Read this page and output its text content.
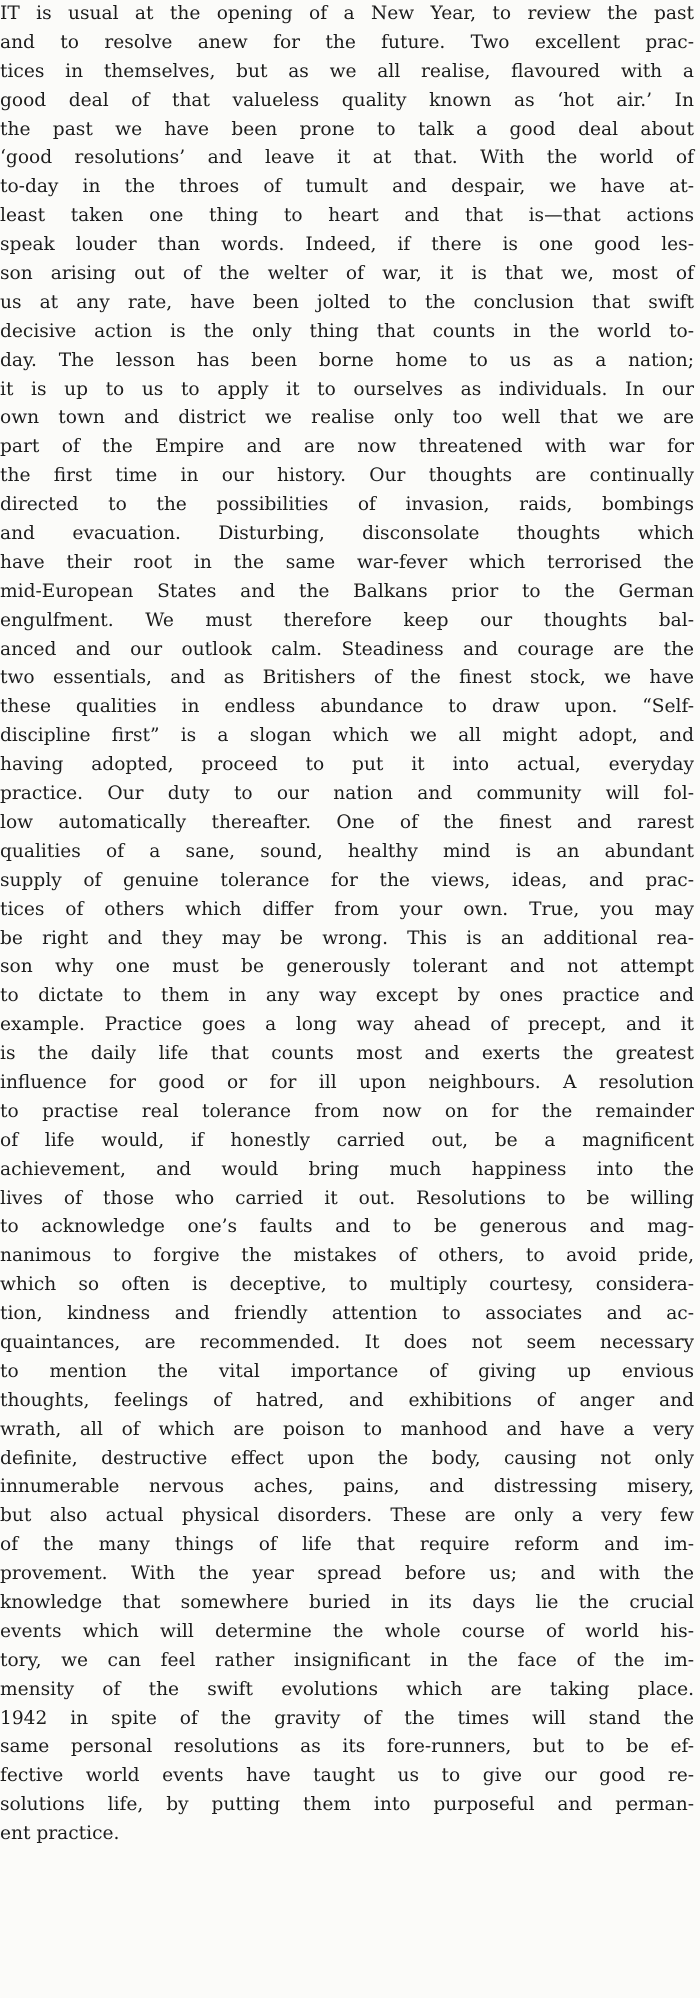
IT is usual at the opening of a New Year, to review the past
and to resolve anew for the future. Two excellent prac-
tices in themselves, but as we all realise, flavoured with a
good deal of that valueless quality known as ‘hot air.’ In
the past we have been prone to talk a good deal about
‘good resolutions’ and leave it at that. With the world of
to-day in the throes of tumult and despair, we have at-
least taken one thing to heart and that is—that actions
speak louder than words. Indeed, if there is one good les-
son arising out of the welter of war, it is that we, most of
us at any rate, have been jolted to the conclusion that swift
decisive action is the only thing that counts in the world to-
day. The lesson has been borne home to us as a nation;
it is up to us to apply it to ourselves as individuals. In our
own town and district we realise only too well that we are
part of the Empire and are now threatened with war for
the first time in our history. Our thoughts are continually
directed to the possibilities of invasion, raids, bombings
and evacuation. Disturbing, disconsolate thoughts which
have their root in the same war-fever which terrorised the
mid-European States and the Balkans prior to the German
engulfment. We must therefore keep our thoughts bal-
anced and our outlook calm. Steadiness and courage are the
two essentials, and as Britishers of the finest stock, we have
these qualities in endless abundance to draw upon. “Self-
discipline first” is a slogan which we all might adopt, and
having adopted, proceed to put it into actual, everyday
practice. Our duty to our nation and community will fol-
low automatically thereafter. One of the finest and rarest
qualities of a sane, sound, healthy mind is an abundant
supply of genuine tolerance for the views, ideas, and prac-
tices of others which differ from your own. True, you may
be right and they may be wrong. This is an additional rea-
son why one must be generously tolerant and not attempt
to dictate to them in any way except by ones practice and
example. Practice goes a long way ahead of precept, and it
is the daily life that counts most and exerts the greatest
influence for good or for ill upon neighbours. A resolution
to practise real tolerance from now on for the remainder
of life would, if honestly carried out, be a magnificent
achievement, and would bring much happiness into the
lives of those who carried it out. Resolutions to be willing
to acknowledge one’s faults and to be generous and mag-
nanimous to forgive the mistakes of others, to avoid pride,
which so often is deceptive, to multiply courtesy, considera-
tion, kindness and friendly attention to associates and ac-
quaintances, are recommended. It does not seem necessary
to mention the vital importance of giving up envious
thoughts, feelings of hatred, and exhibitions of anger and
wrath, all of which are poison to manhood and have a very
definite, destructive effect upon the body, causing not only
innumerable nervous aches, pains, and distressing misery,
but also actual physical disorders. These are only a very few
of the many things of life that require reform and im-
provement. With the year spread before us; and with the
knowledge that somewhere buried in its days lie the crucial
events which will determine the whole course of world his-
tory, we can feel rather insignificant in the face of the im-
mensity of the swift evolutions which are taking place.
1942 in spite of the gravity of the times will stand the
same personal resolutions as its fore-runners, but to be ef-
fective world events have taught us to give our good re-
solutions life, by putting them into purposeful and perman-
ent practice.
